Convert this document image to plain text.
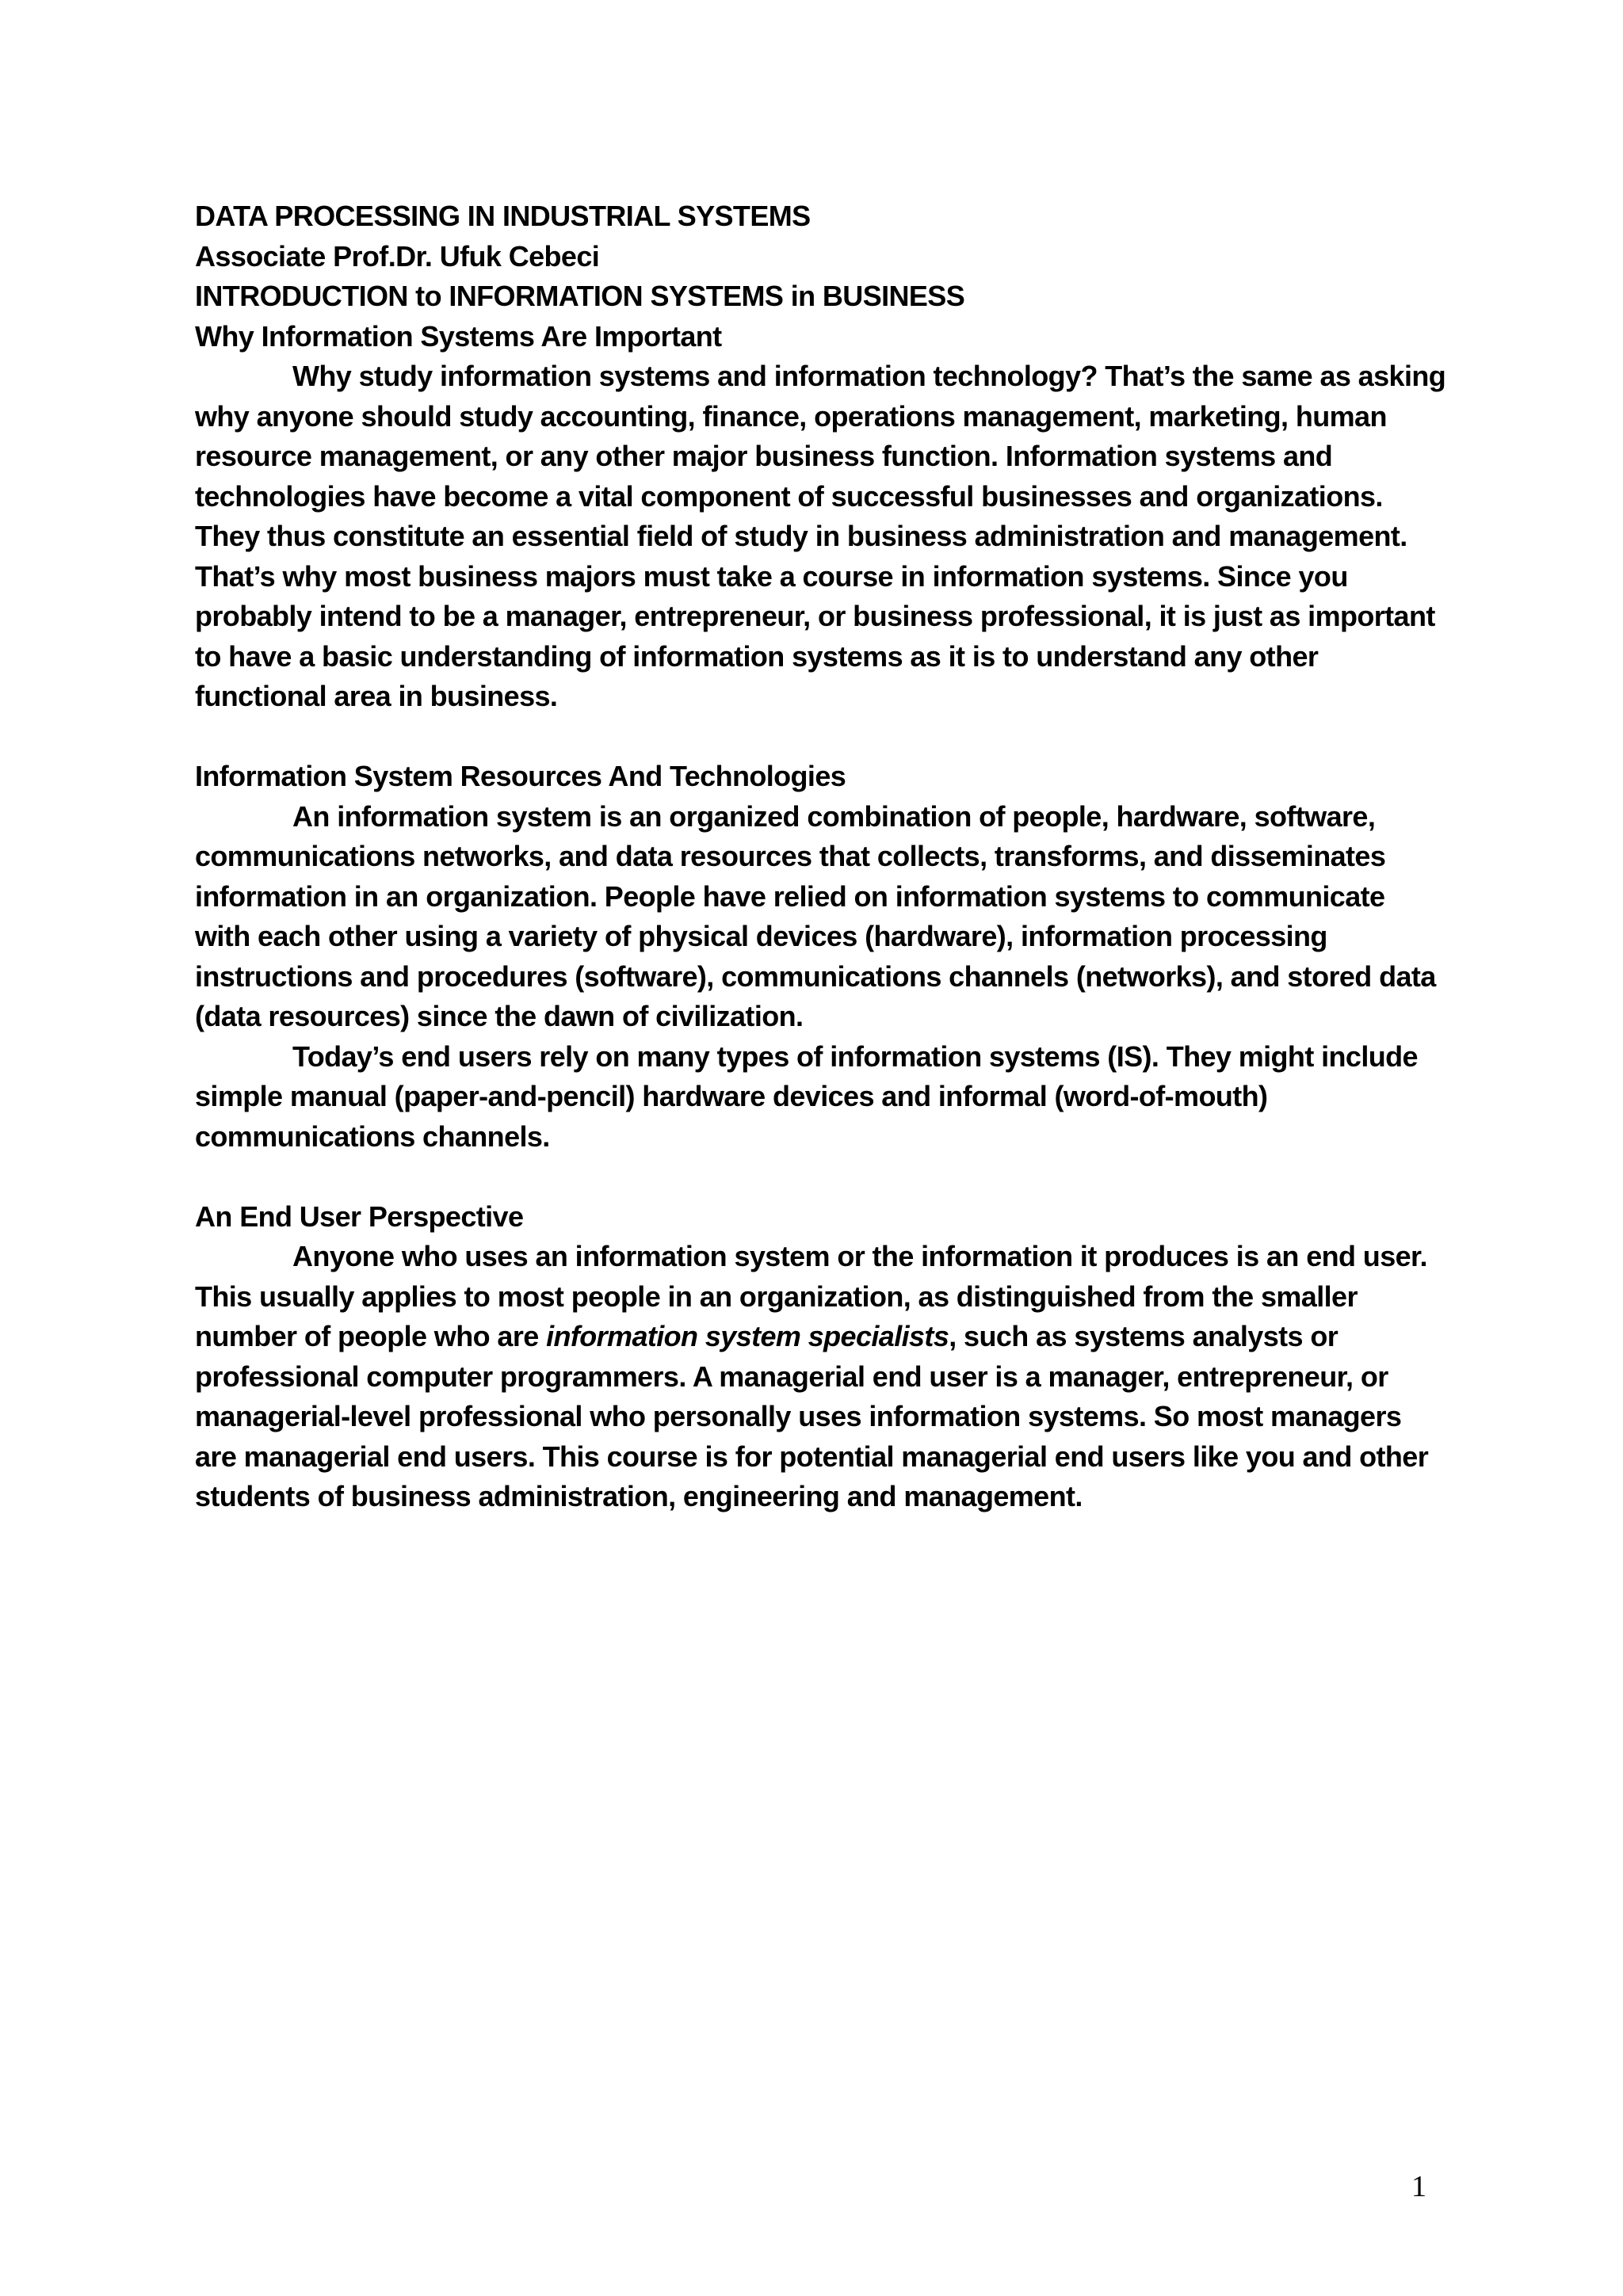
DATA PROCESSING IN INDUSTRIAL SYSTEMS

Associate Prof.Dr. Ufuk Cebeci

INTRODUCTION to INFORMATION SYSTEMS in BUSINESS

Why Information Systems Are Important

Why study information systems and information technology? That’s the same as asking why anyone should study accounting, finance, operations management, marketing, human resource management, or any other major business function. Information systems and technologies have become a vital component of successful businesses and organizations. They thus constitute an essential field of study in business administration and management. That’s why most business majors must take a course in information systems. Since you probably intend to be a manager, entrepreneur, or business professional, it is just as important to have a basic understanding of information systems as it is to understand any other functional area in business.

Information System Resources And Technologies

An information system is an organized combination of people, hardware, software, communications networks, and data resources that collects, transforms, and disseminates information in an organization. People have relied on information systems to communicate with each other using a variety of physical devices (hardware), information processing instructions and procedures (software), communications channels (networks), and stored data (data resources) since the dawn of civilization.

Today’s end users rely on many types of information systems (IS). They might include simple manual (paper-and-pencil) hardware devices and informal (word-of-mouth) communications channels.

An End User Perspective

Anyone who uses an information system or the information it produces is an end user. This usually applies to most people in an organization, as distinguished from the smaller number of people who are information system specialists, such as systems analysts or professional computer programmers. A managerial end user is a manager, entrepreneur, or managerial-level professional who personally uses information systems. So most managers are managerial end users. This course is for potential managerial end users like you and other students of business administration, engineering and management.

1
